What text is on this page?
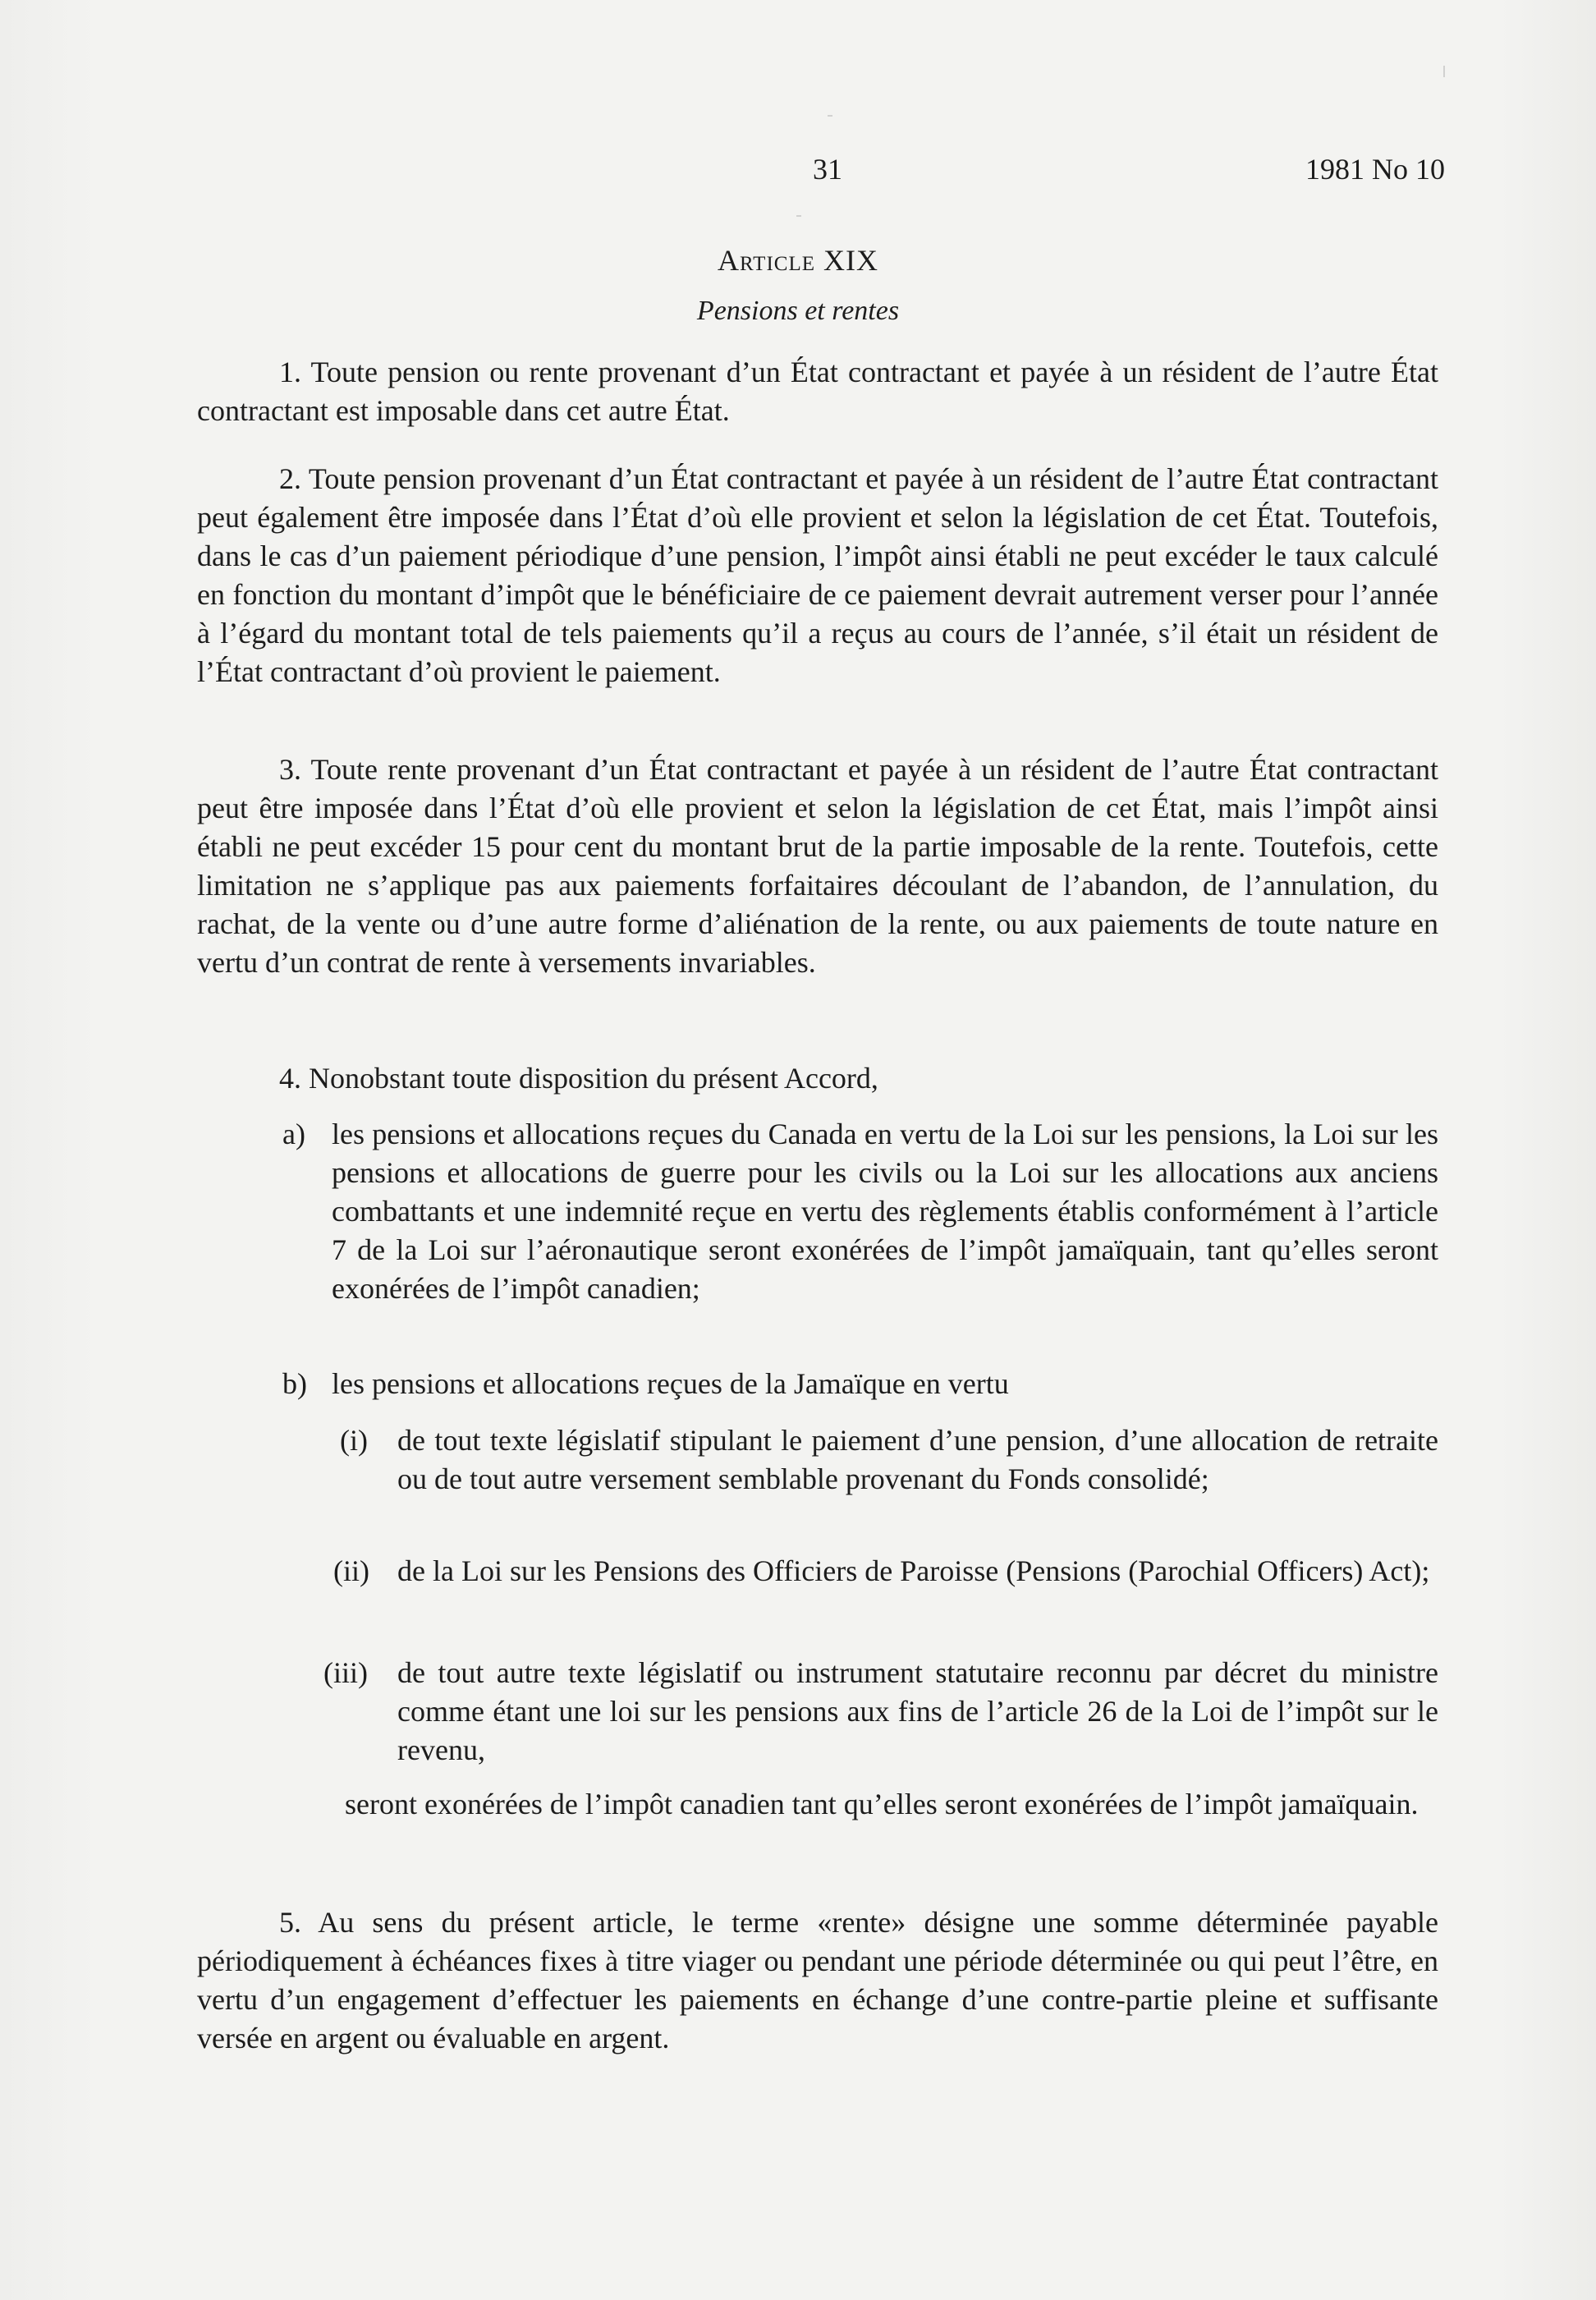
31	1981 No 10
Article XIX
Pensions et rentes
1. Toute pension ou rente provenant d’un État contractant et payée à un résident de l’autre État contractant est imposable dans cet autre État.
2. Toute pension provenant d’un État contractant et payée à un résident de l’autre État contractant peut également être imposée dans l’État d’où elle provient et selon la législation de cet État. Toutefois, dans le cas d’un paiement périodique d’une pension, l’impôt ainsi établi ne peut excéder le taux calculé en fonction du montant d’impôt que le bénéficiaire de ce paiement devrait autrement verser pour l’année à l’égard du montant total de tels paiements qu’il a reçus au cours de l’année, s’il était un résident de l’État contractant d’où provient le paiement.
3. Toute rente provenant d’un État contractant et payée à un résident de l’autre État contractant peut être imposée dans l’État d’où elle provient et selon la législation de cet État, mais l’impôt ainsi établi ne peut excéder 15 pour cent du montant brut de la partie imposable de la rente. Toutefois, cette limitation ne s’applique pas aux paiements forfaitaires découlant de l’abandon, de l’annulation, du rachat, de la vente ou d’une autre forme d’aliénation de la rente, ou aux paiements de toute nature en vertu d’un contrat de rente à versements invariables.
4. Nonobstant toute disposition du présent Accord,
a) les pensions et allocations reçues du Canada en vertu de la Loi sur les pensions, la Loi sur les pensions et allocations de guerre pour les civils ou la Loi sur les allocations aux anciens combattants et une indemnité reçue en vertu des règlements établis conformément à l’article 7 de la Loi sur l’aéronautique seront exonérées de l’impôt jamaïquain, tant qu’elles seront exonérées de l’impôt canadien;
b) les pensions et allocations reçues de la Jamaïque en vertu
(i) de tout texte législatif stipulant le paiement d’une pension, d’une allocation de retraite ou de tout autre versement semblable provenant du Fonds consolidé;
(ii) de la Loi sur les Pensions des Officiers de Paroisse (Pensions (Parochial Officers) Act);
(iii) de tout autre texte législatif ou instrument statutaire reconnu par décret du ministre comme étant une loi sur les pensions aux fins de l’article 26 de la Loi de l’impôt sur le revenu,
seront exonérées de l’impôt canadien tant qu’elles seront exonérées de l’impôt jamaïquain.
5. Au sens du présent article, le terme «rente» désigne une somme déterminée payable périodiquement à échéances fixes à titre viager ou pendant une période déterminée ou qui peut l’être, en vertu d’un engagement d’effectuer les paiements en échange d’une contre-partie pleine et suffisante versée en argent ou évaluable en argent.
